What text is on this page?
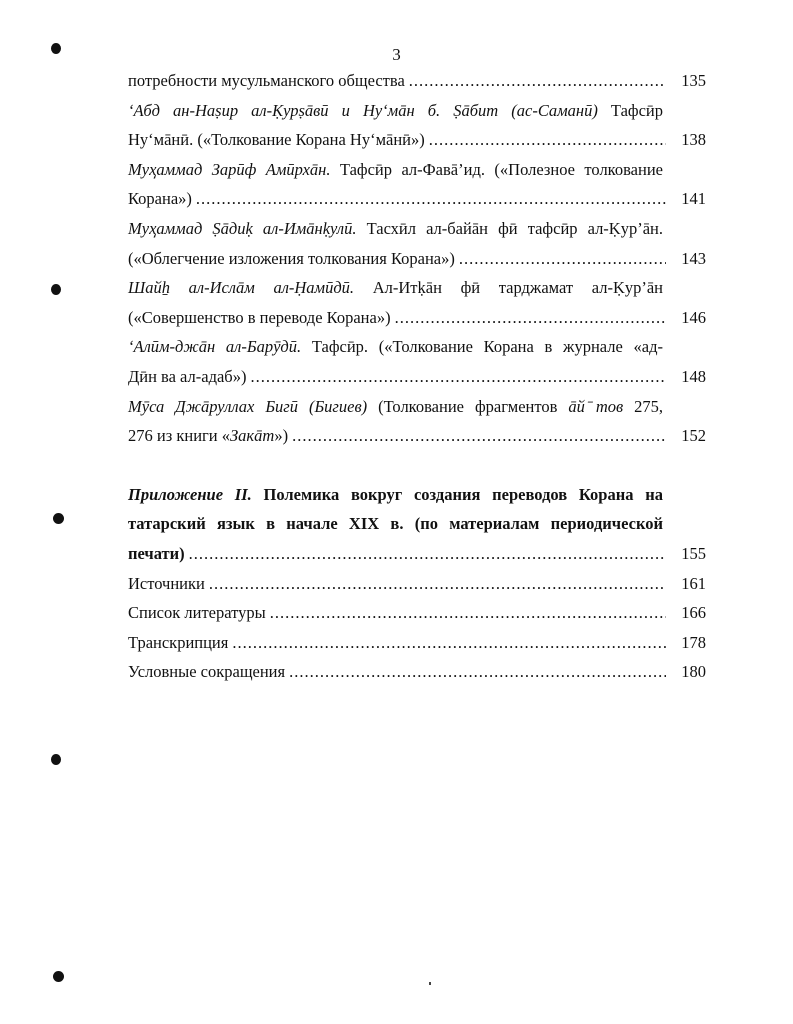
3
потребности мусульманского общества .....	135
‘Абд ан-Наṣир ал-Ḳурṣāвӣ и Ну‘мāн б. Ṣāбит (ас-Сaманӣ) Тафсӣр
Ну‘мāнӣ. («Толкование Корана Ну‘мāнӣ») .....	138
Муҳаммад Зарӣф Амӣрхāн. Тафсӣр ал-Фавā’ид. («Полезное толкование
Корана») .....	141
Муҳаммад Ṣāдиḳ ал-Имāнḳулӣ. Тасхӣл ал-байāн фӣ тафсӣр ал-Ḳур’āн.
(«Облегчение изложения толкования Корана») .....	143
Шайẖ ал-Ислāм ал-Ḥамӣдӣ. Ал-Итḳāн фӣ тарджамат ал-Ḳур’āн
(«Совершенство в переводе Корана») .....	146
‘Алӣм-джāн ал-Барӯдӣ. Тафсӣр. («Толкование Корана в журнале «ад-
Дӣн ва ал-адаб») .....	148
Мӯса Джāруллах Бигӣ (Бигиев) (Толкование фрагментов āй ̄тов 275,
276 из книги «Закāт») .....	152
Приложение II. Полемика вокруг создания переводов Корана на
татарский язык в начале XIX в. (по материалам периодической
печати) .....	155
Источники .....	161
Список литературы .....	166
Транскрипция .....	178
Условные сокращения .....	180
